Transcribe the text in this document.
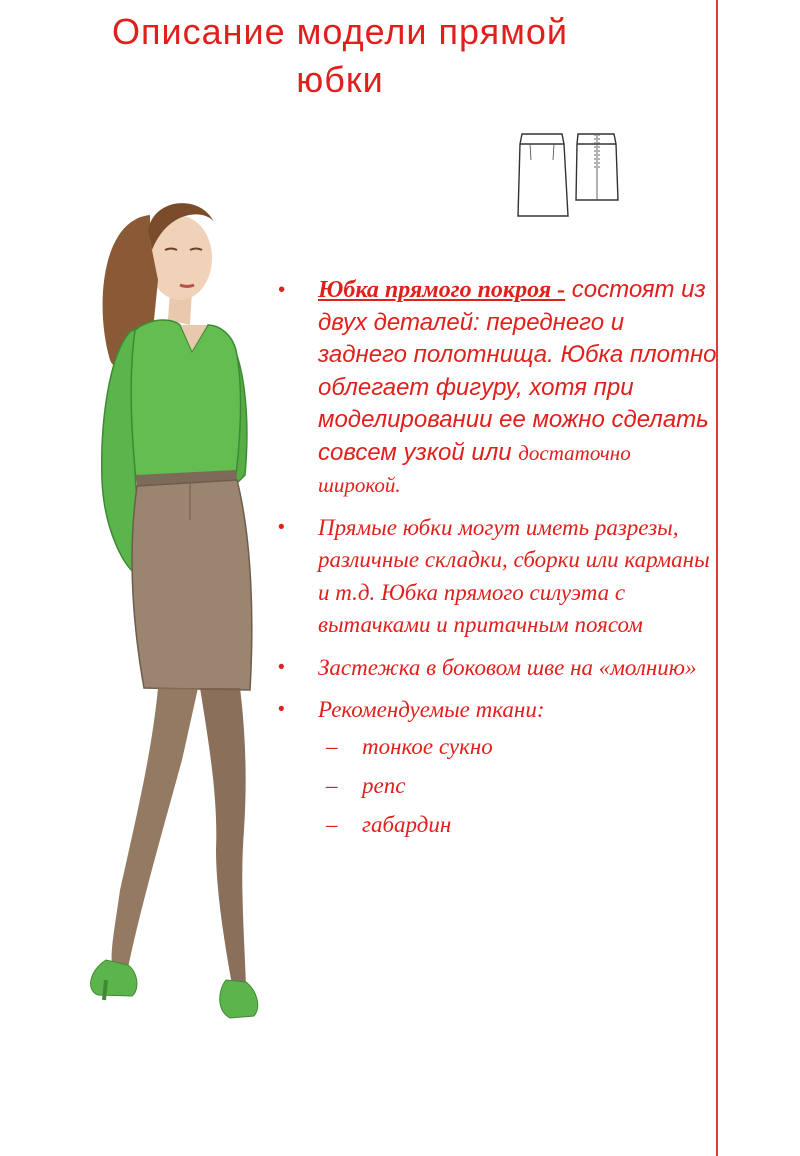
Описание модели прямой
юбки

• Юбка прямого покроя - состоят из двух деталей: переднего и заднего полотнища. Юбка плотно облегает фигуру, хотя при моделировании ее можно сделать совсем узкой или достаточно широкой.

• Прямые юбки могут иметь разрезы, различные складки, сборки или карманы и т.д. Юбка прямого силуэта с вытачками и притачным поясом

• Застежка в боковом шве на «молнию»

• Рекомендуемые ткани:

– тонкое сукно
– репс
– габардин
